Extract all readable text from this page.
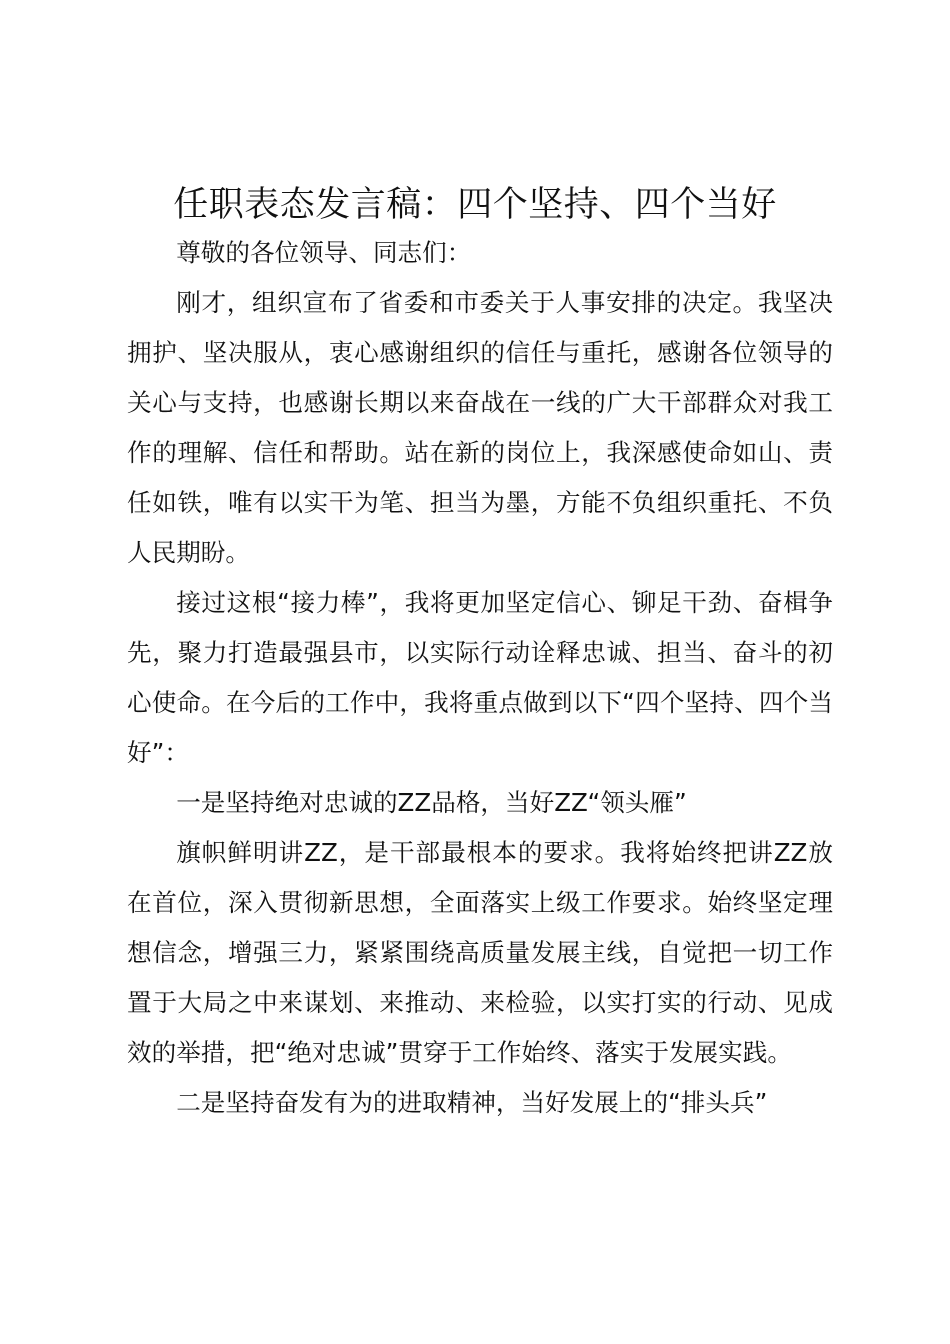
任职表态发言稿：四个坚持、四个当好

尊敬的各位领导、同志们：

刚才，组织宣布了省委和市委关于人事安排的决定。我坚决拥护、坚决服从，衷心感谢组织的信任与重托，感谢各位领导的关心与支持，也感谢长期以来奋战在一线的广大干部群众对我工作的理解、信任和帮助。站在新的岗位上，我深感使命如山、责任如铁，唯有以实干为笔、担当为墨，方能不负组织重托、不负人民期盼。

接过这根“接力棒”，我将更加坚定信心、铆足干劲、奋楫争先，聚力打造最强县市，以实际行动诠释忠诚、担当、奋斗的初心使命。在今后的工作中，我将重点做到以下“四个坚持、四个当好”：

一是坚持绝对忠诚的ZZ品格，当好ZZ“领头雁”

旗帜鲜明讲ZZ，是干部最根本的要求。我将始终把讲ZZ放在首位，深入贯彻新思想，全面落实上级工作要求。始终坚定理想信念，增强三力，紧紧围绕高质量发展主线，自觉把一切工作置于大局之中来谋划、来推动、来检验，以实打实的行动、见成效的举措，把“绝对忠诚”贯穿于工作始终、落实于发展实践。

二是坚持奋发有为的进取精神，当好发展上的“排头兵”
